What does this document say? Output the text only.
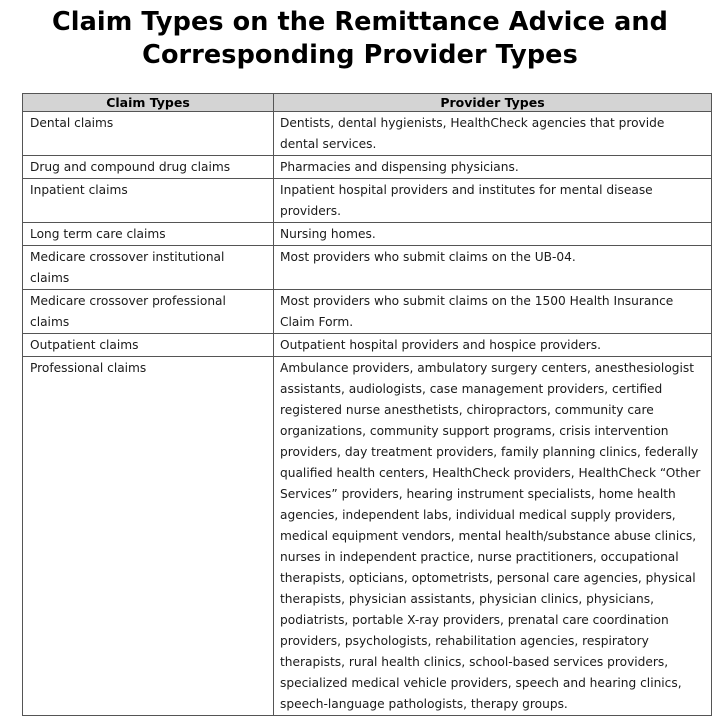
Claim Types on the Remittance Advice and
Corresponding Provider Types
Claim Types	Provider Types
Dental claims	Dentists, dental hygienists, HealthCheck agencies that provide dental services.
Drug and compound drug claims	Pharmacies and dispensing physicians.
Inpatient claims	Inpatient hospital providers and institutes for mental disease providers.
Long term care claims	Nursing homes.
Medicare crossover institutional claims	Most providers who submit claims on the UB-04.
Medicare crossover professional claims	Most providers who submit claims on the 1500 Health Insurance Claim Form.
Outpatient claims	Outpatient hospital providers and hospice providers.
Professional claims	Ambulance providers, ambulatory surgery centers, anesthesiologist assistants, audiologists, case management providers, certified registered nurse anesthetists, chiropractors, community care organizations, community support programs, crisis intervention providers, day treatment providers, family planning clinics, federally qualified health centers, HealthCheck providers, HealthCheck “Other Services” providers, hearing instrument specialists, home health agencies, independent labs, individual medical supply providers, medical equipment vendors, mental health/substance abuse clinics, nurses in independent practice, nurse practitioners, occupational therapists, opticians, optometrists, personal care agencies, physical therapists, physician assistants, physician clinics, physicians, podiatrists, portable X-ray providers, prenatal care coordination providers, psychologists, rehabilitation agencies, respiratory therapists, rural health clinics, school-based services providers, specialized medical vehicle providers, speech and hearing clinics, speech-language pathologists, therapy groups.
